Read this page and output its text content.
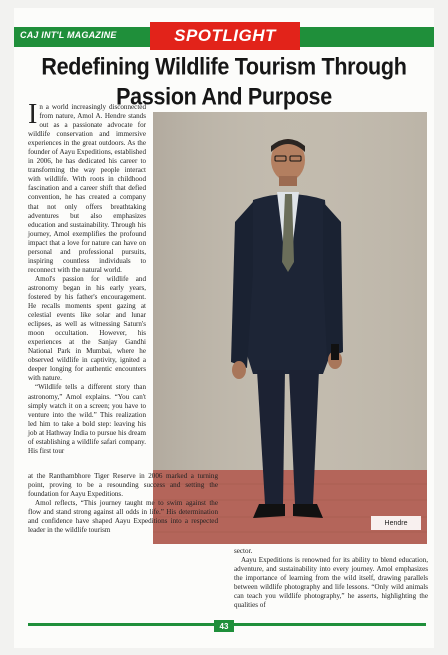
CAJ INT'L MAGAZINE	SPOTLIGHT
Redefining Wildlife Tourism Through Passion And Purpose

In a world increasingly disconnected from nature, Amol A. Hendre stands out as a passionate advocate for wildlife conservation and immersive experiences in the great outdoors. As the founder of Aayu Expeditions, established in 2006, he has dedicated his career to transforming the way people interact with wildlife. With roots in childhood fascination and a career shift that defied convention, he has created a company that not only offers breathtaking adventures but also emphasizes education and sustainability. Through his journey, Amol exemplifies the profound impact that a love for nature can have on personal and professional pursuits, inspiring countless individuals to reconnect with the natural world.

Amol's passion for wildlife and astronomy began in his early years, fostered by his father's encouragement. He recalls moments spent gazing at celestial events like solar and lunar eclipses, as well as witnessing Saturn's moon occultation. However, his experiences at the Sanjay Gandhi National Park in Mumbai, where he observed wildlife in captivity, ignited a deeper longing for authentic encounters with nature.

“Wildlife tells a different story than astronomy,” Amol explains. “You can't simply watch it on a screen; you have to venture into the wild.” This realization led him to take a bold step: leaving his job at Hathway India to pursue his dream of establishing a wildlife safari company. His first tour

Hendre

at the Ranthambhore Tiger Reserve in 2006 marked a turning point, proving to be a resounding success and setting the foundation for Aayu Expeditions.

Amol reflects, “This journey taught me to swim against the flow and stand strong against all odds in life.” His determination and confidence have shaped Aayu Expeditions into a respected leader in the wildlife tourism

sector.

Aayu Expeditions is renowned for its ability to blend education, adventure, and sustainability into every journey. Amol emphasizes the importance of learning from the wild itself, drawing parallels between wildlife photography and life lessons. “Only wild animals can teach you wildlife photography,” he asserts, highlighting the qualities of

43
